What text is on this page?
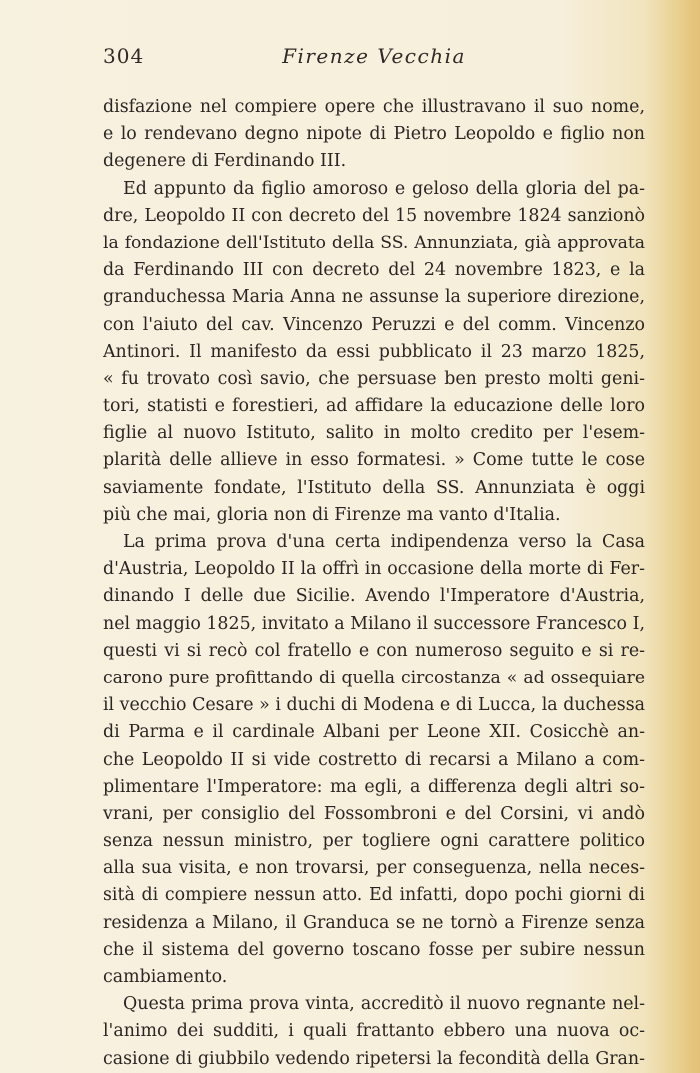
304	Firenze Vecchia
disfazione nel compiere opere che illustravano il suo nome,
e lo rendevano degno nipote di Pietro Leopoldo e figlio non
degenere di Ferdinando III.
Ed appunto da figlio amoroso e geloso della gloria del pa-
dre, Leopoldo II con decreto del 15 novembre 1824 sanzionò
la fondazione dell'Istituto della SS. Annunziata, già approvata
da Ferdinando III con decreto del 24 novembre 1823, e la
granduchessa Maria Anna ne assunse la superiore direzione,
con l'aiuto del cav. Vincenzo Peruzzi e del comm. Vincenzo
Antinori. Il manifesto da essi pubblicato il 23 marzo 1825,
« fu trovato così savio, che persuase ben presto molti geni-
tori, statisti e forestieri, ad affidare la educazione delle loro
figlie al nuovo Istituto, salito in molto credito per l'esem-
plarità delle allieve in esso formatesi. » Come tutte le cose
saviamente fondate, l'Istituto della SS. Annunziata è oggi
più che mai, gloria non di Firenze ma vanto d'Italia.
La prima prova d'una certa indipendenza verso la Casa
d'Austria, Leopoldo II la offrì in occasione della morte di Fer-
dinando I delle due Sicilie. Avendo l'Imperatore d'Austria,
nel maggio 1825, invitato a Milano il successore Francesco I,
questi vi si recò col fratello e con numeroso seguito e si re-
carono pure profittando di quella circostanza « ad ossequiare
il vecchio Cesare » i duchi di Modena e di Lucca, la duchessa
di Parma e il cardinale Albani per Leone XII. Cosicchè an-
che Leopoldo II si vide costretto di recarsi a Milano a com-
plimentare l'Imperatore: ma egli, a differenza degli altri so-
vrani, per consiglio del Fossombroni e del Corsini, vi andò
senza nessun ministro, per togliere ogni carattere politico
alla sua visita, e non trovarsi, per conseguenza, nella neces-
sità di compiere nessun atto. Ed infatti, dopo pochi giorni di
residenza a Milano, il Granduca se ne tornò a Firenze senza
che il sistema del governo toscano fosse per subire nessun
cambiamento.
Questa prima prova vinta, accreditò il nuovo regnante nel-
l'animo dei sudditi, i quali frattanto ebbero una nuova oc-
casione di giubbilo vedendo ripetersi la fecondità della Gran-
